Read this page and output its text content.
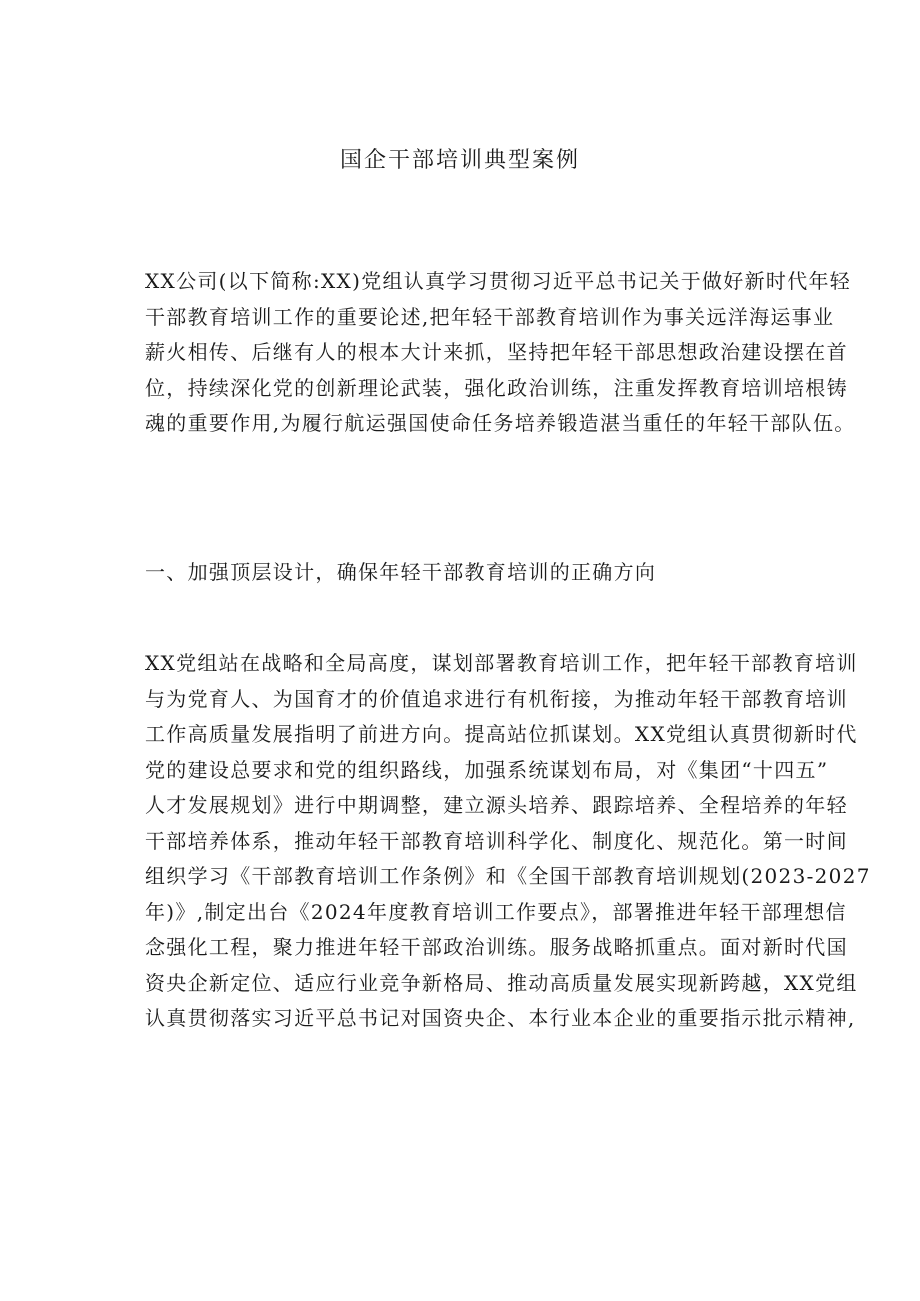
国企干部培训典型案例

XX公司(以下简称:XX)党组认真学习贯彻习近平总书记关于做好新时代年轻
干部教育培训工作的重要论述,把年轻干部教育培训作为事关远洋海运事业
薪火相传、后继有人的根本大计来抓，坚持把年轻干部思想政治建设摆在首
位，持续深化党的创新理论武装，强化政治训练，注重发挥教育培训培根铸
魂的重要作用,为履行航运强国使命任务培养锻造湛当重任的年轻干部队伍。

一、加强顶层设计，确保年轻干部教育培训的正确方向

XX党组站在战略和全局高度，谋划部署教育培训工作，把年轻干部教育培训
与为党育人、为国育才的价值追求进行有机衔接，为推动年轻干部教育培训
工作高质量发展指明了前进方向。提高站位抓谋划。XX党组认真贯彻新时代
党的建设总要求和党的组织路线，加强系统谋划布局，对《集团“十四五”
人才发展规划》进行中期调整，建立源头培养、跟踪培养、全程培养的年轻
干部培养体系，推动年轻干部教育培训科学化、制度化、规范化。第一时间
组织学习《干部教育培训工作条例》和《全国干部教育培训规划(2023-2027
年)》,制定出台《2024年度教育培训工作要点》，部署推进年轻干部理想信
念强化工程，聚力推进年轻干部政治训练。服务战略抓重点。面对新时代国
资央企新定位、适应行业竞争新格局、推动高质量发展实现新跨越，XX党组
认真贯彻落实习近平总书记对国资央企、本行业本企业的重要指示批示精神,
